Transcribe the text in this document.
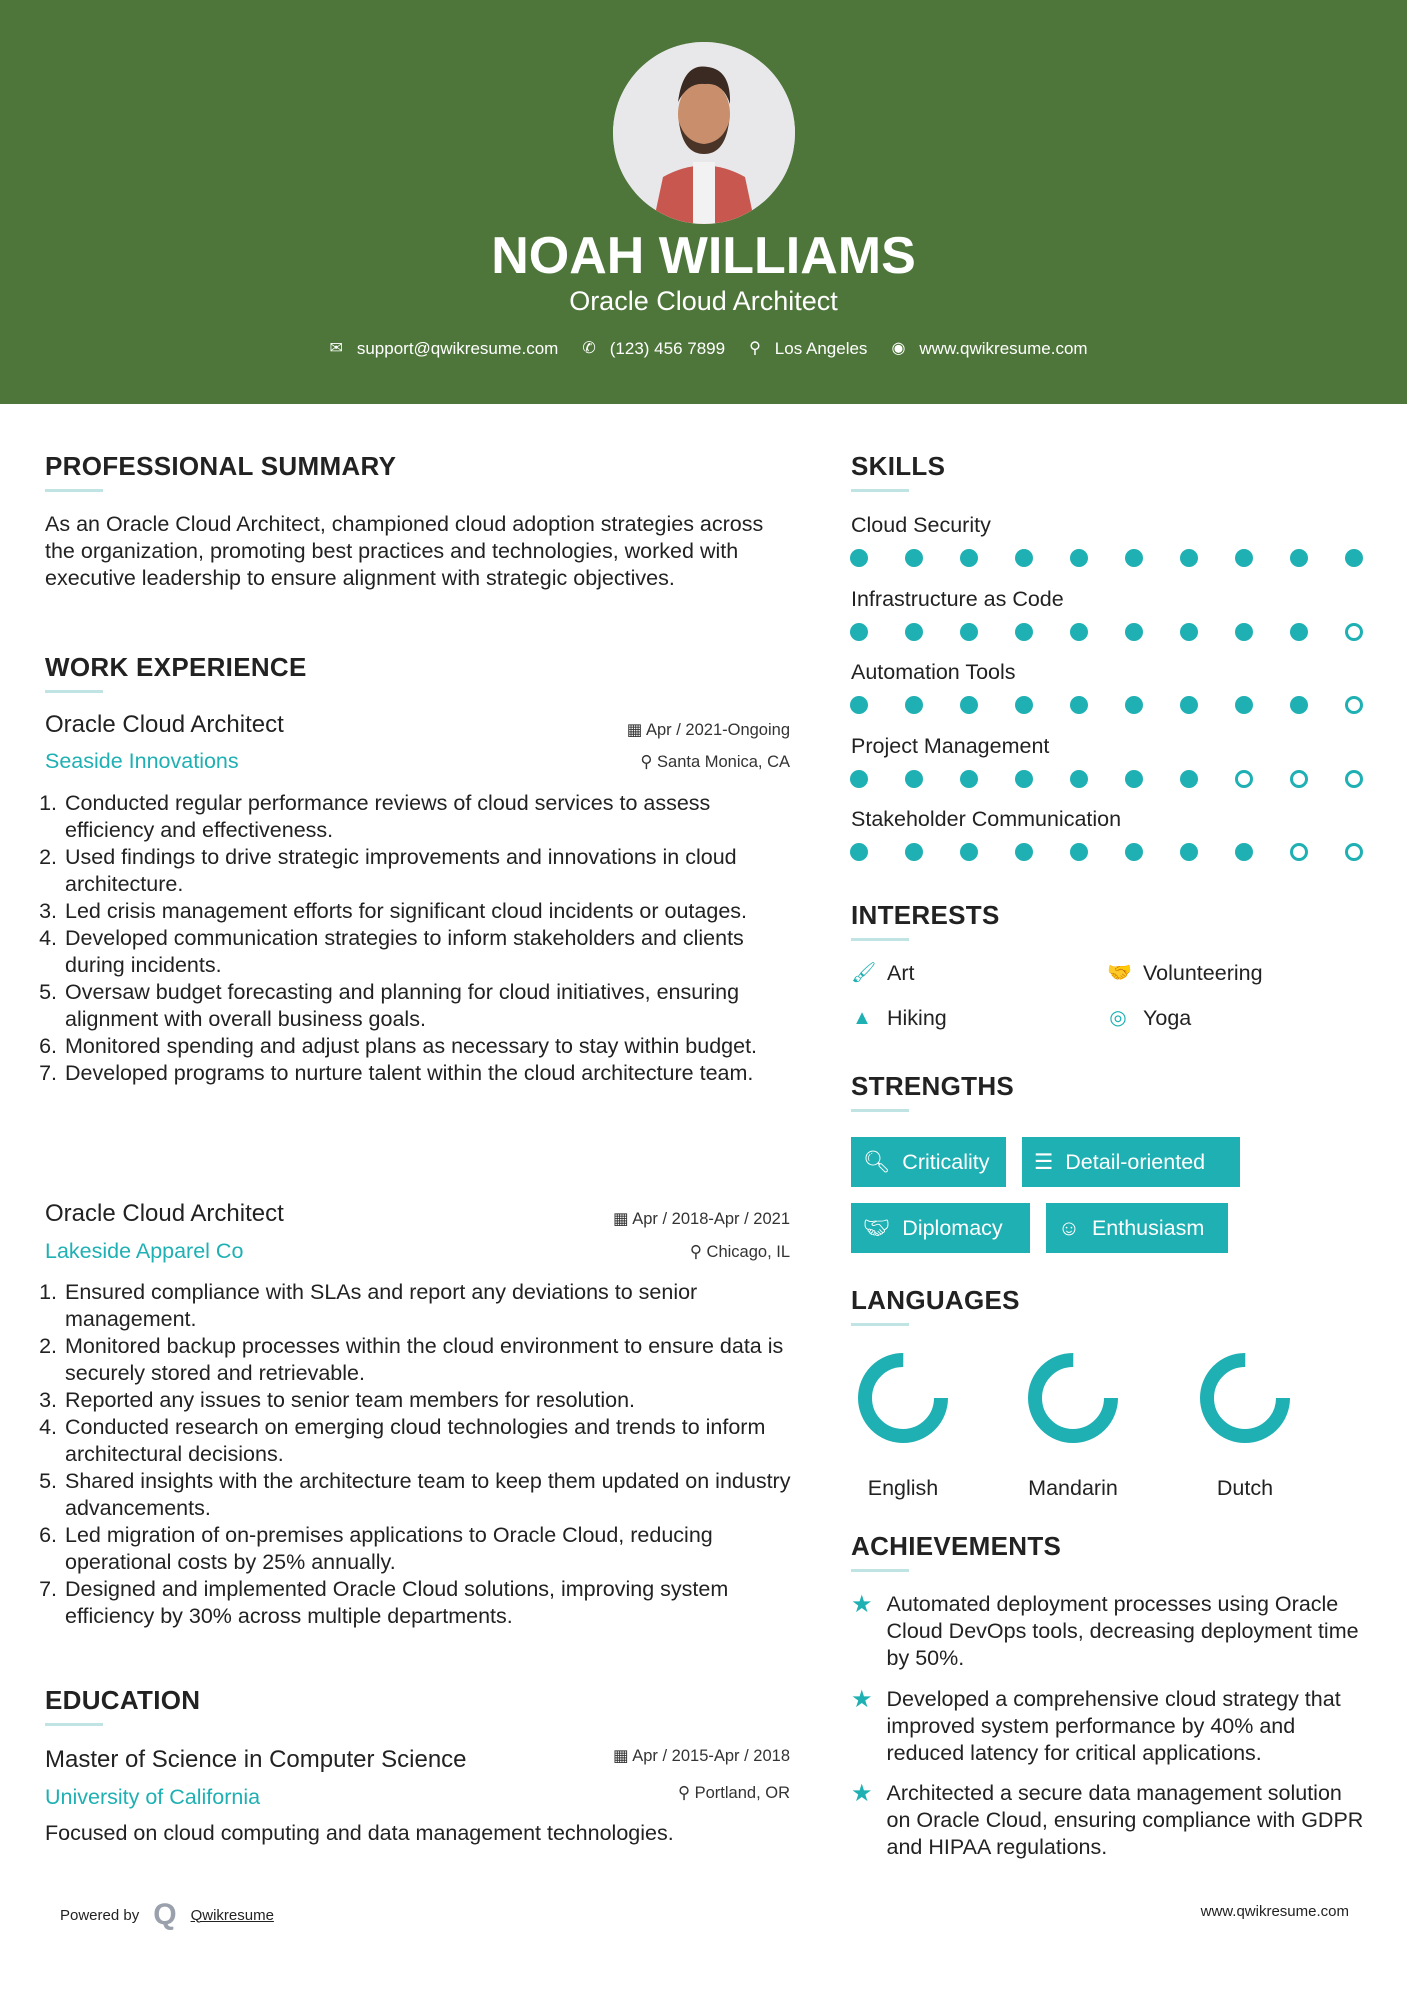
NOAH WILLIAMS
Oracle Cloud Architect
✉ support@qwikresume.com ✆ (123) 456 7899 ⚲ Los Angeles ◉ www.qwikresume.com
PROFESSIONAL SUMMARY

As an Oracle Cloud Architect, championed cloud adoption strategies across the organization, promoting best practices and technologies, worked with executive leadership to ensure alignment with strategic objectives.

WORK EXPERIENCE
Oracle Cloud Architect
Seaside Innovations
▦ Apr / 2021-Ongoing
⚲ Santa Monica, CA
1. Conducted regular performance reviews of cloud services to assess efficiency and effectiveness.
2. Used findings to drive strategic improvements and innovations in cloud architecture.
3. Led crisis management efforts for significant cloud incidents or outages.
4. Developed communication strategies to inform stakeholders and clients during incidents.
5. Oversaw budget forecasting and planning for cloud initiatives, ensuring alignment with overall business goals.
6. Monitored spending and adjust plans as necessary to stay within budget.
7. Developed programs to nurture talent within the cloud architecture team.
Oracle Cloud Architect
Lakeside Apparel Co
▦ Apr / 2018-Apr / 2021
⚲ Chicago, IL
1. Ensured compliance with SLAs and report any deviations to senior management.
2. Monitored backup processes within the cloud environment to ensure data is securely stored and retrievable.
3. Reported any issues to senior team members for resolution.
4. Conducted research on emerging cloud technologies and trends to inform architectural decisions.
5. Shared insights with the architecture team to keep them updated on industry advancements.
6. Led migration of on-premises applications to Oracle Cloud, reducing operational costs by 25% annually.
7. Designed and implemented Oracle Cloud solutions, improving system efficiency by 30% across multiple departments.
EDUCATION
Master of Science in Computer Science
University of California
▦ Apr / 2015-Apr / 2018
⚲ Portland, OR

Focused on cloud computing and data management technologies.

SKILLS
Cloud Security
Infrastructure as Code
Automation Tools
Project Management
Stakeholder Communication
INTERESTS
🖌 Art	🤝 Volunteering
▲ Hiking	◎ Yoga
STRENGTHS
🔍︎ Criticality ☰ Detail-oriented
🤝︎ Diplomacy	☺ Enthusiasm
LANGUAGES
English	Mandarin	Dutch
ACHIEVEMENTS
★ Automated deployment processes using Oracle Cloud DevOps tools, decreasing deployment time by 50%.
★ Developed a comprehensive cloud strategy that improved system performance by 40% and reduced latency for critical applications.
★ Architected a secure data management solution on Oracle Cloud, ensuring compliance with GDPR and HIPAA regulations.
Powered by Q Qwikresume	www.qwikresume.com
